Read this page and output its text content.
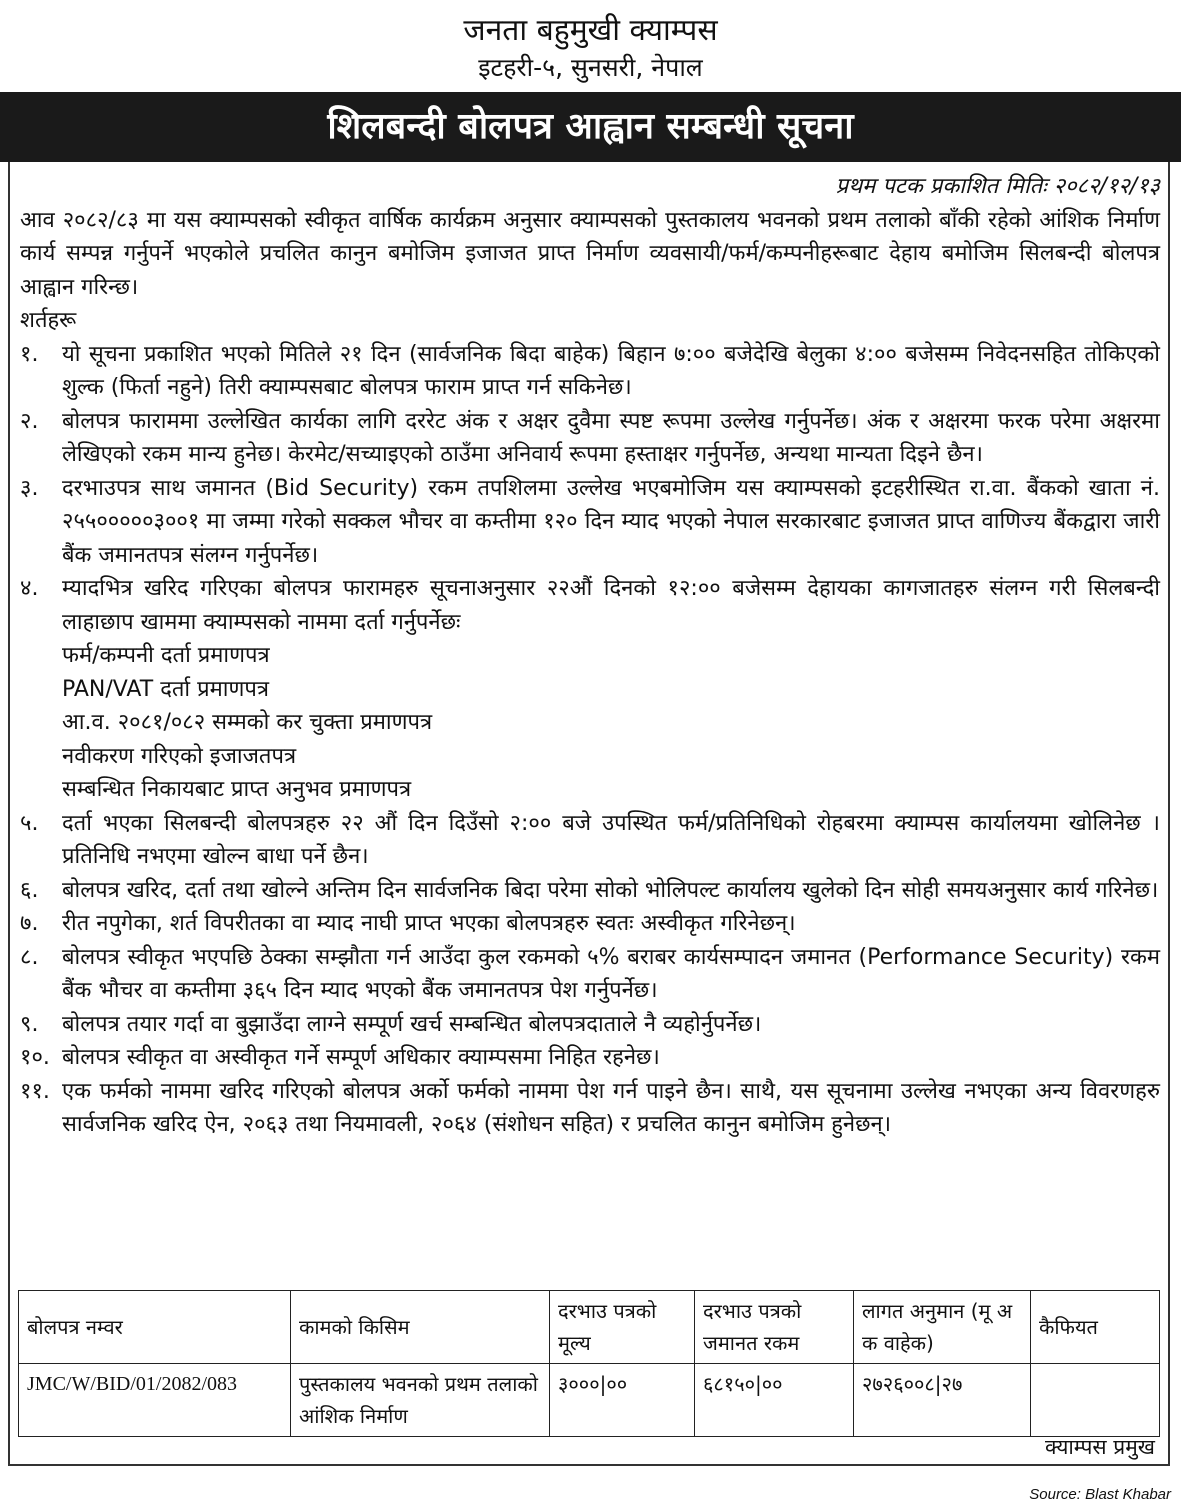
जनता बहुमुखी क्याम्पस
इटहरी-५, सुनसरी, नेपाल
शिलबन्दी बोलपत्र आह्वान सम्बन्धी सूचना
प्रथम पटक प्रकाशित मितिः २०८२/१२/१३
आव २०८२/८३ मा यस क्याम्पसको स्वीकृत वार्षिक कार्यक्रम अनुसार क्याम्पसको पुस्तकालय भवनको प्रथम तलाको बाँकी रहेको आंशिक निर्माण कार्य सम्पन्न गर्नुपर्ने भएकोले प्रचलित कानुन बमोजिम इजाजत प्राप्त निर्माण व्यवसायी/फर्म/कम्पनीहरूबाट देहाय बमोजिम सिलबन्दी बोलपत्र आह्वान गरिन्छ।
शर्तहरू
१.	यो सूचना प्रकाशित भएको मितिले २१ दिन (सार्वजनिक बिदा बाहेक) बिहान ७:०० बजेदेखि बेलुका ४:०० बजेसम्म निवेदनसहित तोकिएको शुल्क (फिर्ता नहुने) तिरी क्याम्पसबाट बोलपत्र फाराम प्राप्त गर्न सकिनेछ।
२.	बोलपत्र फाराममा उल्लेखित कार्यका लागि दररेट अंक र अक्षर दुवैमा स्पष्ट रूपमा उल्लेख गर्नुपर्नेछ। अंक र अक्षरमा फरक परेमा अक्षरमा लेखिएको रकम मान्य हुनेछ। केरमेट/सच्याइएको ठाउँमा अनिवार्य रूपमा हस्ताक्षर गर्नुपर्नेछ, अन्यथा मान्यता दिइने छैन।
३.	दरभाउपत्र साथ जमानत (Bid Security) रकम तपशिलमा उल्लेख भएबमोजिम यस क्याम्पसको इटहरीस्थित रा.वा. बैंकको खाता नं. २५५०००००३००१ मा जम्मा गरेको सक्कल भौचर वा कम्तीमा १२० दिन म्याद भएको नेपाल सरकारबाट इजाजत प्राप्त वाणिज्य बैंकद्वारा जारी बैंक जमानतपत्र संलग्न गर्नुपर्नेछ।
४.	म्यादभित्र खरिद गरिएका बोलपत्र फारामहरु सूचनाअनुसार २२औं दिनको १२:०० बजेसम्म देहायका कागजातहरु संलग्न गरी सिलबन्दी लाहाछाप खाममा क्याम्पसको नाममा दर्ता गर्नुपर्नेछः
फर्म/कम्पनी दर्ता प्रमाणपत्र
PAN/VAT दर्ता प्रमाणपत्र
आ.व. २०८१/०८२ सम्मको कर चुक्ता प्रमाणपत्र
नवीकरण गरिएको इजाजतपत्र
सम्बन्धित निकायबाट प्राप्त अनुभव प्रमाणपत्र
५.	दर्ता भएका सिलबन्दी बोलपत्रहरु २२ औं दिन दिउँसो २:०० बजे उपस्थित फर्म/प्रतिनिधिको रोहबरमा क्याम्पस कार्यालयमा खोलिनेछ । प्रतिनिधि नभएमा खोल्न बाधा पर्ने छैन।
६.	बोलपत्र खरिद, दर्ता तथा खोल्ने अन्तिम दिन सार्वजनिक बिदा परेमा सोको भोलिपल्ट कार्यालय खुलेको दिन सोही समयअनुसार कार्य गरिनेछ।
७.	रीत नपुगेका, शर्त विपरीतका वा म्याद नाघी प्राप्त भएका बोलपत्रहरु स्वतः अस्वीकृत गरिनेछन्।
८.	बोलपत्र स्वीकृत भएपछि ठेक्का सम्झौता गर्न आउँदा कुल रकमको ५% बराबर कार्यसम्पादन जमानत (Performance Security) रकम बैंक भौचर वा कम्तीमा ३६५ दिन म्याद भएको बैंक जमानतपत्र पेश गर्नुपर्नेछ।
९.	बोलपत्र तयार गर्दा वा बुझाउँदा लाग्ने सम्पूर्ण खर्च सम्बन्धित बोलपत्रदाताले नै व्यहोर्नुपर्नेछ।
१०. बोलपत्र स्वीकृत वा अस्वीकृत गर्ने सम्पूर्ण अधिकार क्याम्पसमा निहित रहनेछ।
११. एक फर्मको नाममा खरिद गरिएको बोलपत्र अर्को फर्मको नाममा पेश गर्न पाइने छैन। साथै, यस सूचनामा उल्लेख नभएका अन्य विवरणहरु सार्वजनिक खरिद ऐन, २०६३ तथा नियमावली, २०६४ (संशोधन सहित) र प्रचलित कानुन बमोजिम हुनेछन्।
बोलपत्र नम्वर	कामको किसिम	दरभाउ पत्रको मूल्य	दरभाउ पत्रको जमानत रकम	लागत अनुमान (मू अ क वाहेक)	कैफियत
JMC/W/BID/01/2082/083	पुस्तकालय भवनको प्रथम तलाको आंशिक निर्माण	३०००|००	६८१५०|००	२७२६००८|२७	
क्याम्पस प्रमुख
Source: Blast Khabar
